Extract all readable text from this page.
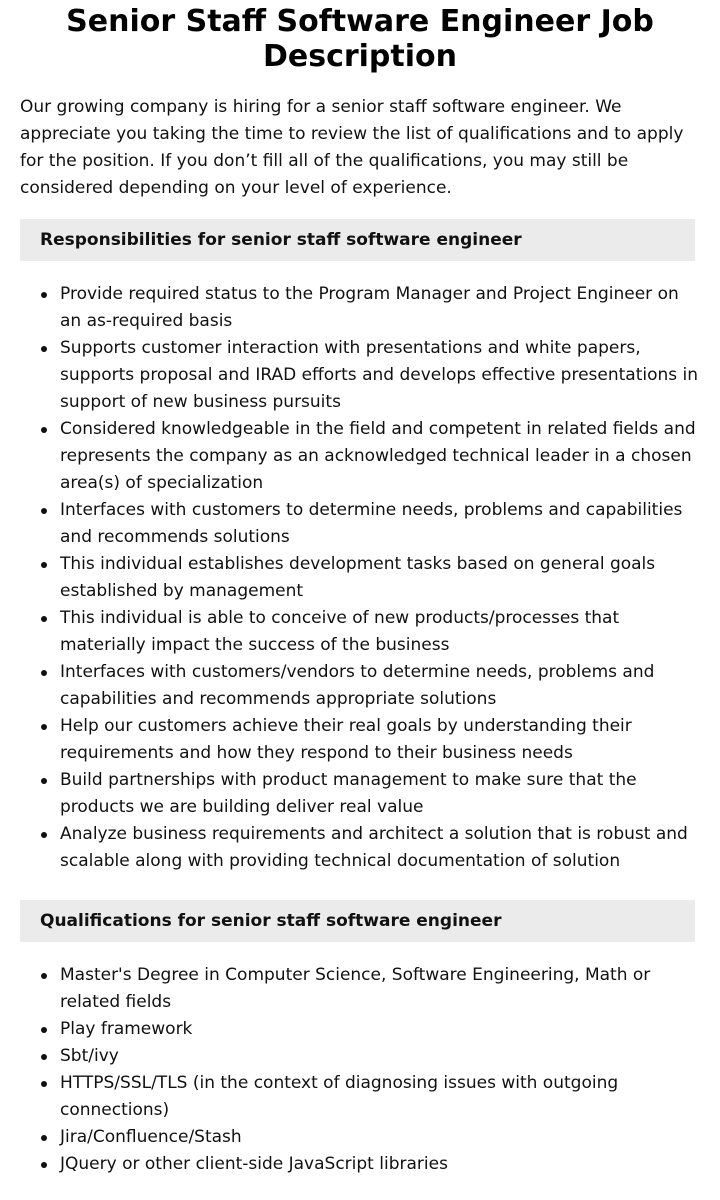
Senior Staff Software Engineer Job Description

Our growing company is hiring for a senior staff software engineer. We appreciate you taking the time to review the list of qualifications and to apply for the position. If you don’t fill all of the qualifications, you may still be considered depending on your level of experience.

Responsibilities for senior staff software engineer
Provide required status to the Program Manager and Project Engineer on an as-required basis
Supports customer interaction with presentations and white papers, supports proposal and IRAD efforts and develops effective presentations in support of new business pursuits
Considered knowledgeable in the field and competent in related fields and represents the company as an acknowledged technical leader in a chosen area(s) of specialization
Interfaces with customers to determine needs, problems and capabilities and recommends solutions
This individual establishes development tasks based on general goals established by management
This individual is able to conceive of new products/processes that materially impact the success of the business
Interfaces with customers/vendors to determine needs, problems and capabilities and recommends appropriate solutions
Help our customers achieve their real goals by understanding their requirements and how they respond to their business needs
Build partnerships with product management to make sure that the products we are building deliver real value
Analyze business requirements and architect a solution that is robust and scalable along with providing technical documentation of solution
Qualifications for senior staff software engineer
Master's Degree in Computer Science, Software Engineering, Math or related fields
Play framework
Sbt/ivy
HTTPS/SSL/TLS (in the context of diagnosing issues with outgoing connections)
Jira/Confluence/Stash
JQuery or other client-side JavaScript libraries
